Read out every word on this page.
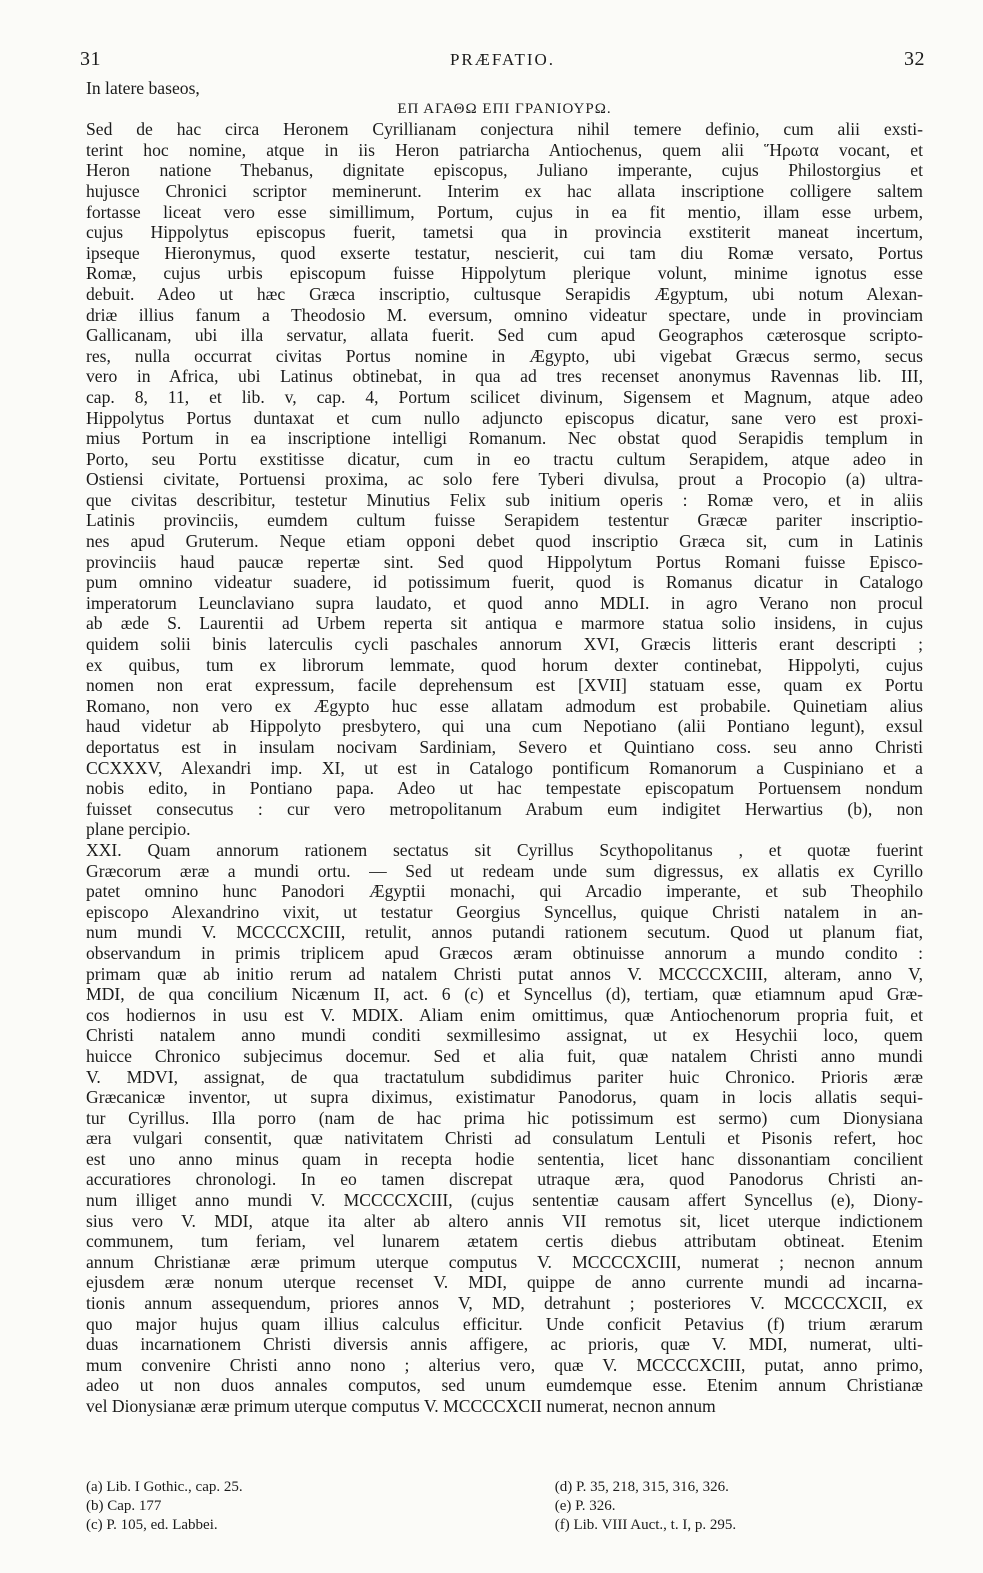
31	PRÆFATIO.	32
In latere baseos,
ΕΠ ΑΓΑΘΩ ΕΠΙ ΓΡΑΝΙΟΥΡΩ.
Sed de hac circa Heronem Cyrillianam conjectura nihil temere definio, cum alii exsti-
terint hoc nomine, atque in iis Heron patriarcha Antiochenus, quem alii Ἥρωτα vocant, et
Heron natione Thebanus, dignitate episcopus, Juliano imperante, cujus Philostorgius et
hujusce Chronici scriptor meminerunt. Interim ex hac allata inscriptione colligere saltem
fortasse liceat vero esse simillimum, Portum, cujus in ea fit mentio, illam esse urbem,
cujus Hippolytus episcopus fuerit, tametsi qua in provincia exstiterit maneat incertum,
ipseque Hieronymus, quod exserte testatur, nescierit, cui tam diu Romæ versato, Portus
Romæ, cujus urbis episcopum fuisse Hippolytum plerique volunt, minime ignotus esse
debuit. Adeo ut hæc Græca inscriptio, cultusque Serapidis Ægyptum, ubi notum Alexan-
driæ illius fanum a Theodosio M. eversum, omnino videatur spectare, unde in provinciam
Gallicanam, ubi illa servatur, allata fuerit. Sed cum apud Geographos cæterosque scripto-
res, nulla occurrat civitas Portus nomine in Ægypto, ubi vigebat Græcus sermo, secus
vero in Africa, ubi Latinus obtinebat, in qua ad tres recenset anonymus Ravennas lib. III,
cap. 8, 11, et lib. v, cap. 4, Portum scilicet divinum, Sigensem et Magnum, atque adeo
Hippolytus Portus duntaxat et cum nullo adjuncto episcopus dicatur, sane vero est proxi-
mius Portum in ea inscriptione intelligi Romanum. Nec obstat quod Serapidis templum in
Porto, seu Portu exstitisse dicatur, cum in eo tractu cultum Serapidem, atque adeo in
Ostiensi civitate, Portuensi proxima, ac solo fere Tyberi divulsa, prout a Procopio (a) ultra-
que civitas describitur, testetur Minutius Felix sub initium operis : Romæ vero, et in aliis
Latinis provinciis, eumdem cultum fuisse Serapidem testentur Græcæ pariter inscriptio-
nes apud Gruterum. Neque etiam opponi debet quod inscriptio Græca sit, cum in Latinis
provinciis haud paucæ repertæ sint. Sed quod Hippolytum Portus Romani fuisse Episco-
pum omnino videatur suadere, id potissimum fuerit, quod is Romanus dicatur in Catalogo
imperatorum Leunclaviano supra laudato, et quod anno MDLI. in agro Verano non procul
ab æde S. Laurentii ad Urbem reperta sit antiqua e marmore statua solio insidens, in cujus
quidem solii binis laterculis cycli paschales annorum XVI, Græcis litteris erant descripti ;
ex quibus, tum ex librorum lemmate, quod horum dexter continebat, Hippolyti, cujus
nomen non erat expressum, facile deprehensum est [XVII] statuam esse, quam ex Portu
Romano, non vero ex Ægypto huc esse allatam admodum est probabile. Quinetiam alius
haud videtur ab Hippolyto presbytero, qui una cum Nepotiano (alii Pontiano legunt), exsul
deportatus est in insulam nocivam Sardiniam, Severo et Quintiano coss. seu anno Christi
CCXXXV, Alexandri imp. XI, ut est in Catalogo pontificum Romanorum a Cuspiniano et a
nobis edito, in Pontiano papa. Adeo ut hac tempestate episcopatum Portuensem nondum
fuisset consecutus : cur vero metropolitanum Arabum eum indigitet Herwartius (b), non
plane percipio.
XXI. Quam annorum rationem sectatus sit Cyrillus Scythopolitanus , et quotæ fuerint
Græcorum æræ a mundi ortu. — Sed ut redeam unde sum digressus, ex allatis ex Cyrillo
patet omnino hunc Panodori Ægyptii monachi, qui Arcadio imperante, et sub Theophilo
episcopo Alexandrino vixit, ut testatur Georgius Syncellus, quique Christi natalem in an-
num mundi V. MCCCCXCIII, retulit, annos putandi rationem secutum. Quod ut planum fiat,
observandum in primis triplicem apud Græcos æram obtinuisse annorum a mundo condito :
primam quæ ab initio rerum ad natalem Christi putat annos V. MCCCCXCIII, alteram, anno V,
MDI, de qua concilium Nicænum II, act. 6 (c) et Syncellus (d), tertiam, quæ etiamnum apud Græ-
cos hodiernos in usu est V. MDIX. Aliam enim omittimus, quæ Antiochenorum propria fuit, et
Christi natalem anno mundi conditi sexmillesimo assignat, ut ex Hesychii loco, quem
huicce Chronico subjecimus docemur. Sed et alia fuit, quæ natalem Christi anno mundi
V. MDVI, assignat, de qua tractatulum subdidimus pariter huic Chronico. Prioris æræ
Græcanicæ inventor, ut supra diximus, existimatur Panodorus, quam in locis allatis sequi-
tur Cyrillus. Illa porro (nam de hac prima hic potissimum est sermo) cum Dionysiana
æra vulgari consentit, quæ nativitatem Christi ad consulatum Lentuli et Pisonis refert, hoc
est uno anno minus quam in recepta hodie sententia, licet hanc dissonantiam concilient
accuratiores chronologi. In eo tamen discrepat utraque æra, quod Panodorus Christi an-
num illiget anno mundi V. MCCCCXCIII, (cujus sententiæ causam affert Syncellus (e), Diony-
sius vero V. MDI, atque ita alter ab altero annis VII remotus sit, licet uterque indictionem
communem, tum feriam, vel lunarem ætatem certis diebus attributam obtineat. Etenim
annum Christianæ æræ primum uterque computus V. MCCCCXCIII, numerat ; necnon annum
ejusdem æræ nonum uterque recenset V. MDI, quippe de anno currente mundi ad incarna-
tionis annum assequendum, priores annos V, MD, detrahunt ; posteriores V. MCCCCXCII, ex
quo major hujus quam illius calculus efficitur. Unde conficit Petavius (f) trium ærarum
duas incarnationem Christi diversis annis affigere, ac prioris, quæ V. MDI, numerat, ulti-
mum convenire Christi anno nono ; alterius vero, quæ V. MCCCCXCIII, putat, anno primo,
adeo ut non duos annales computos, sed unum eumdemque esse. Etenim annum Christianæ
vel Dionysianæ æræ primum uterque computus V. MCCCCXCII numerat, necnon annum
(a) Lib. I Gothic., cap. 25.
(b) Cap. 177
(c) P. 105, ed. Labbei.
(d) P. 35, 218, 315, 316, 326.
(e) P. 326.
(f) Lib. VIII Auct., t. I, p. 295.
